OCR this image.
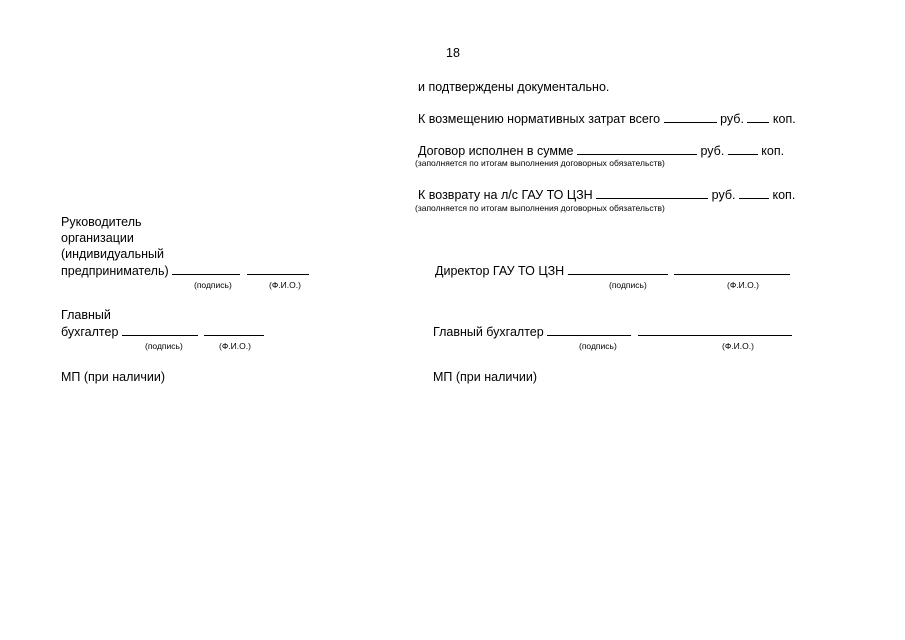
18
и подтверждены документально.
К возмещению нормативных затрат всего	руб. коп.
Договор исполнен в сумме	руб.	коп.
(заполняется по итогам выполнения договорных обязательств)
К возврату на л/с ГАУ ТО ЦЗН	руб.	коп.
(заполняется по итогам выполнения договорных обязательств)
Руководитель
организации
(индивидуальный
предприниматель)
(подпись)	(Ф.И.О.)
Главный
бухгалтер
(подпись)	(Ф.И.О.)
МП (при наличии)
Директор ГАУ ТО ЦЗН
(подпись)	(Ф.И.О.)
Главный бухгалтер
(подпись)	(Ф.И.О.)
МП (при наличии)
